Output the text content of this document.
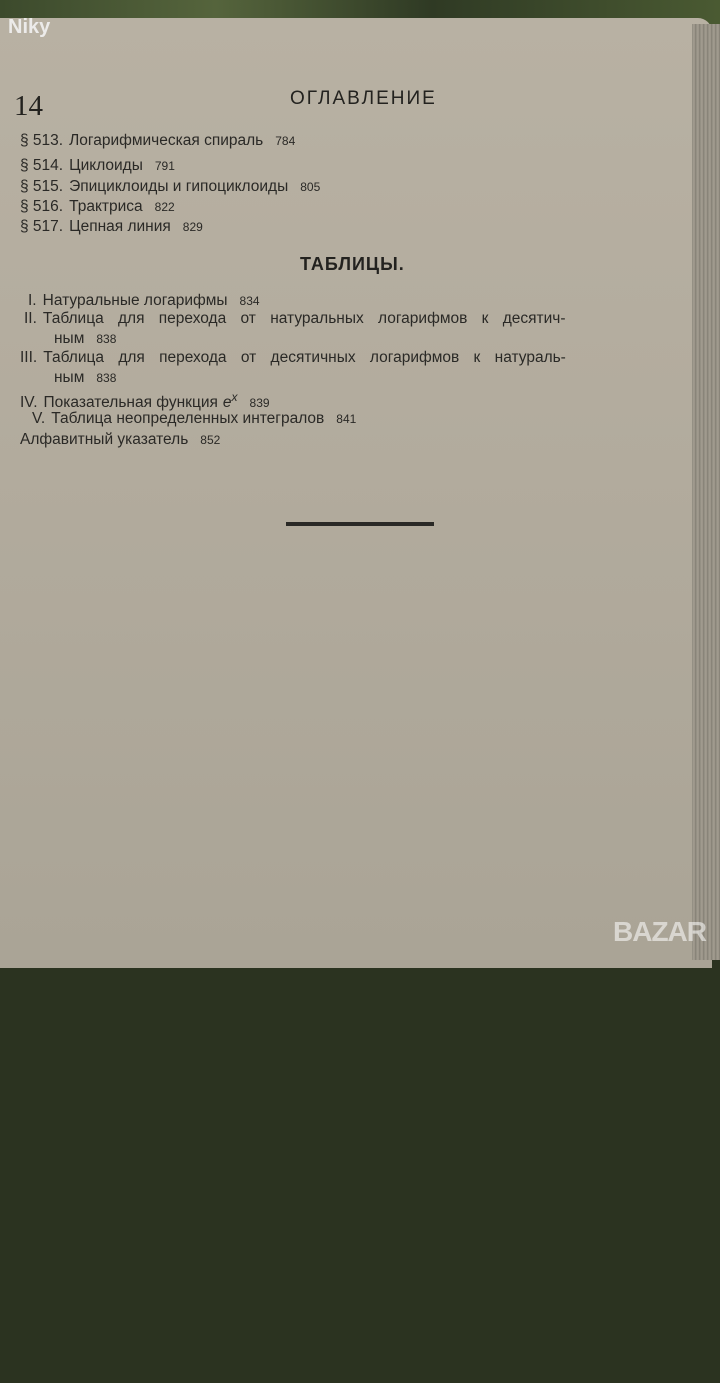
Niky
14	ОГЛАВЛЕНИЕ
§ 513. Логарифмическая спираль 784
§ 514. Циклоиды 791
§ 515. Эпициклоиды и гипоциклоиды 805
§ 516. Трактриса 822
§ 517. Цепная линия 829
ТАБЛИЦЫ.
I. Натуральные логарифмы 834
II. Таблица для перехода от натуральных логарифмов к десятич-
ным 838
III. Таблица для перехода от десятичных логарифмов к натураль-
ным 838
IV. Показательная функция $e^x$ 839
V. Таблица неопределенных интегралов 841
Алфавитный указатель 852
BAZAR
